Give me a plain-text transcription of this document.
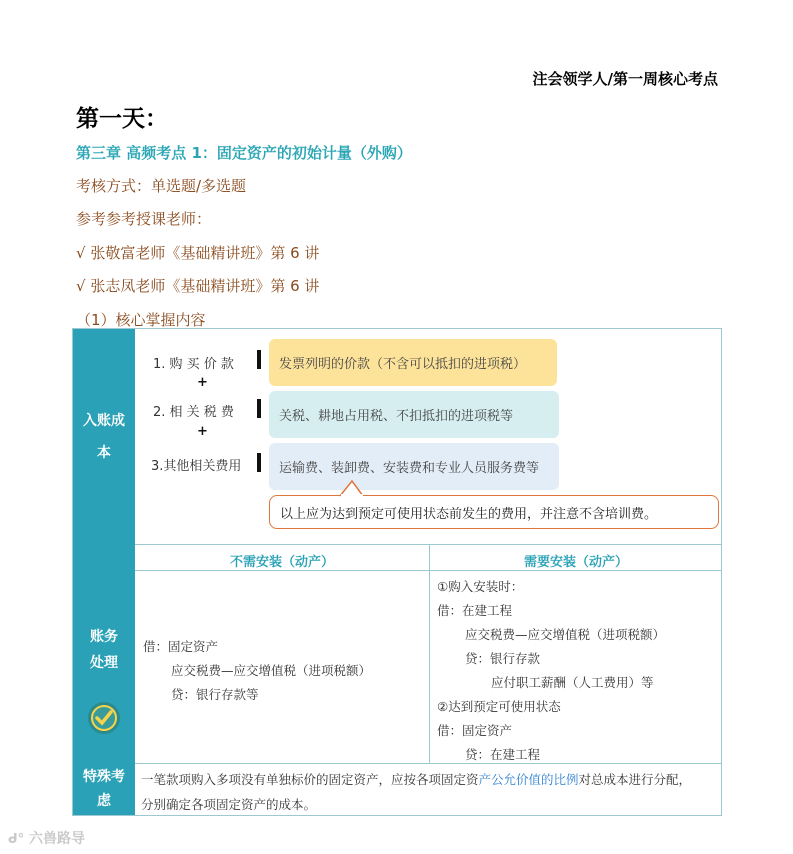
注会领学人/第一周核心考点
第一天：
第三章 高频考点 1：固定资产的初始计量（外购）
考核方式：单选题/多选题
参考参考授课老师：
√ 张敬富老师《基础精讲班》第 6 讲
√ 张志凤老师《基础精讲班》第 6 讲
（1）核心掌握内容
入账成
本
账务
处理
特殊考
虑
1. 购 买 价 款
+
2. 相 关 税 费
+
3.其他相关费用
发票列明的价款（不含可以抵扣的进项税）
关税、耕地占用税、不扣抵扣的进项税等
运输费、装卸费、安装费和专业人员服务费等
以上应为达到预定可使用状态前发生的费用，并注意不含培训费。
不需安装（动产）	需要安装（动产）
借：固定资产
应交税费—应交增值税（进项税额）
贷：银行存款等
①购入安装时：
借：在建工程
应交税费—应交增值税（进项税额）
贷：银行存款
应付职工薪酬（人工费用）等
②达到预定可使用状态
借：固定资产
贷：在建工程
一笔款项购入多项没有单独标价的固定资产，应按各项固定资产公允价值的比例对总成本进行分配，
分别确定各项固定资产的成本。
ᑯ° 六兽路导
